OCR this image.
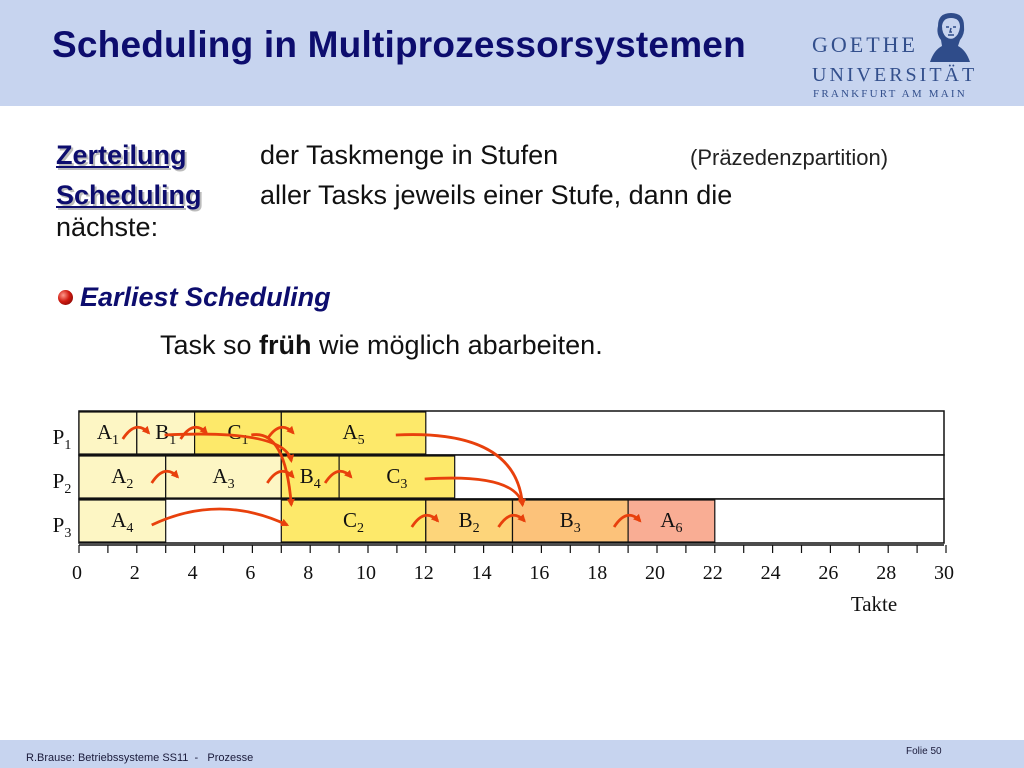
Scheduling in Multiprozessorsystemen	GOETHE
UNIVERSITÄT
FRANKFURT AM MAIN
Zerteilung	der Taskmenge in Stufen	(Präzedenzpartition)
Scheduling aller Tasks jeweils einer Stufe, dann die
nächste:
Earliest Scheduling
Task so früh wie möglich abarbeiten.
$P_1$
$P_2$
$P_3$
$A_1$ $B_1$ $C_1$	$A_5$
$A_2$	$A_3$	$B_4$	$C_3$
$A_4$	$C_2$	$B_2$	$B_3$	$A_6$
0 2 4 6 8 10 12 14 16 18 20 22 24 26 28 30
Takte
R.Brause: Betriebssysteme SS11  -   Prozesse
Folie 50
